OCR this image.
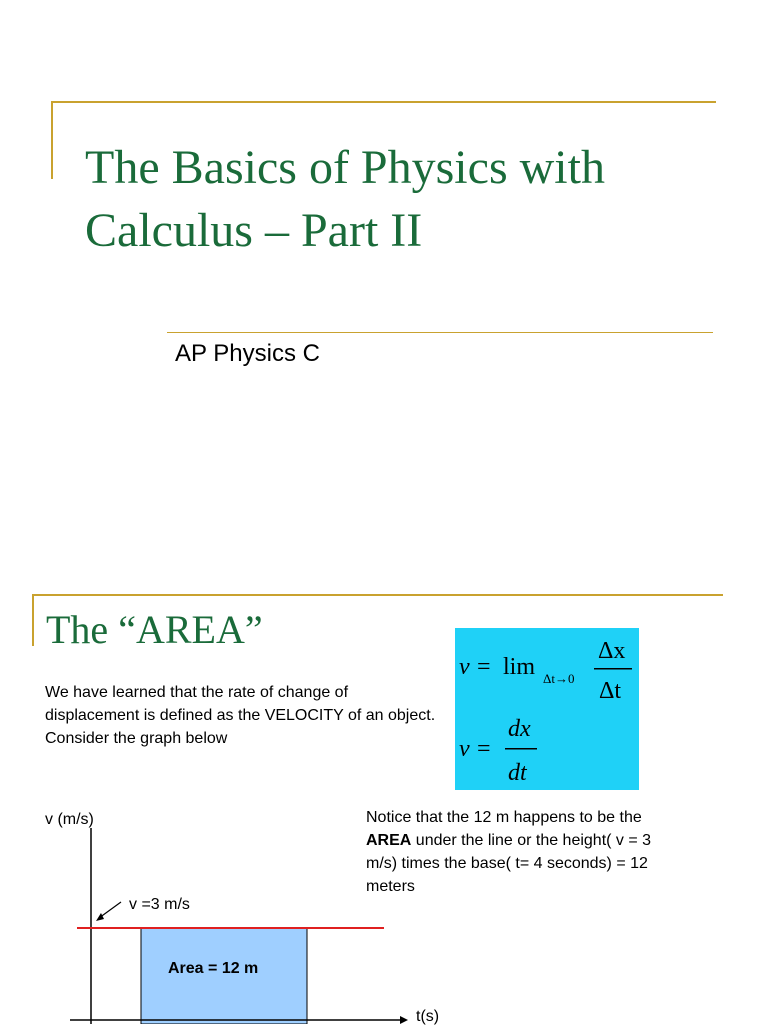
The Basics of Physics with
Calculus – Part II
AP Physics C
The “AREA”
We have learned that the rate of change of displacement is defined as the VELOCITY of an object. Consider the graph below
v = lim Δt→0
Δx
Δt
v =
dx
dt
Notice that the 12 m happens to be the AREA under the line or the height( v = 3 m/s) times the base( t= 4 seconds) = 12 meters
v (m/s)
t(s)
v =3 m/s
Area = 12 m
